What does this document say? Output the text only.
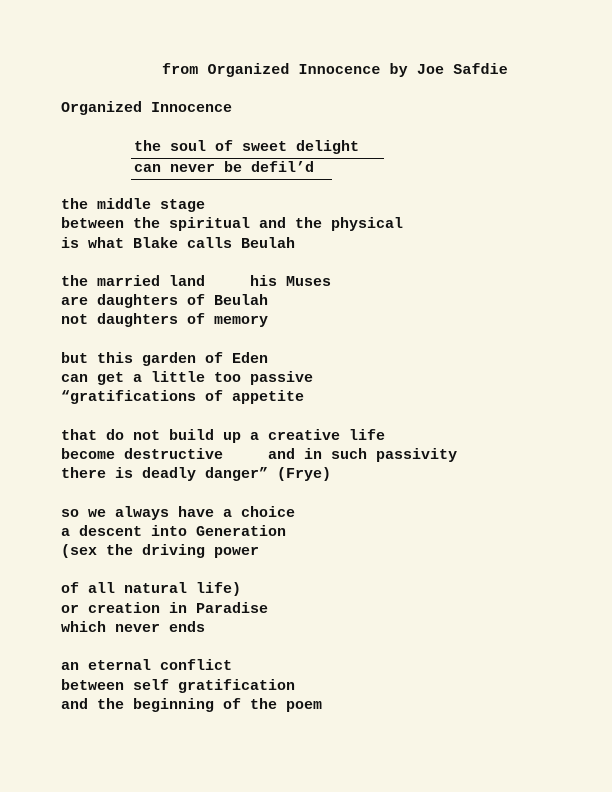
from Organized Innocence by Joe Safdie
Organized Innocence
the soul of sweet delight
can never be defil’d
the middle stage
between the spiritual and the physical
is what Blake calls Beulah
the married land     his Muses
are daughters of Beulah
not daughters of memory
but this garden of Eden
can get a little too passive
“gratifications of appetite
that do not build up a creative life
become destructive     and in such passivity
there is deadly danger” (Frye)
so we always have a choice
a descent into Generation
(sex the driving power
of all natural life)
or creation in Paradise
which never ends
an eternal conflict
between self gratification
and the beginning of the poem
